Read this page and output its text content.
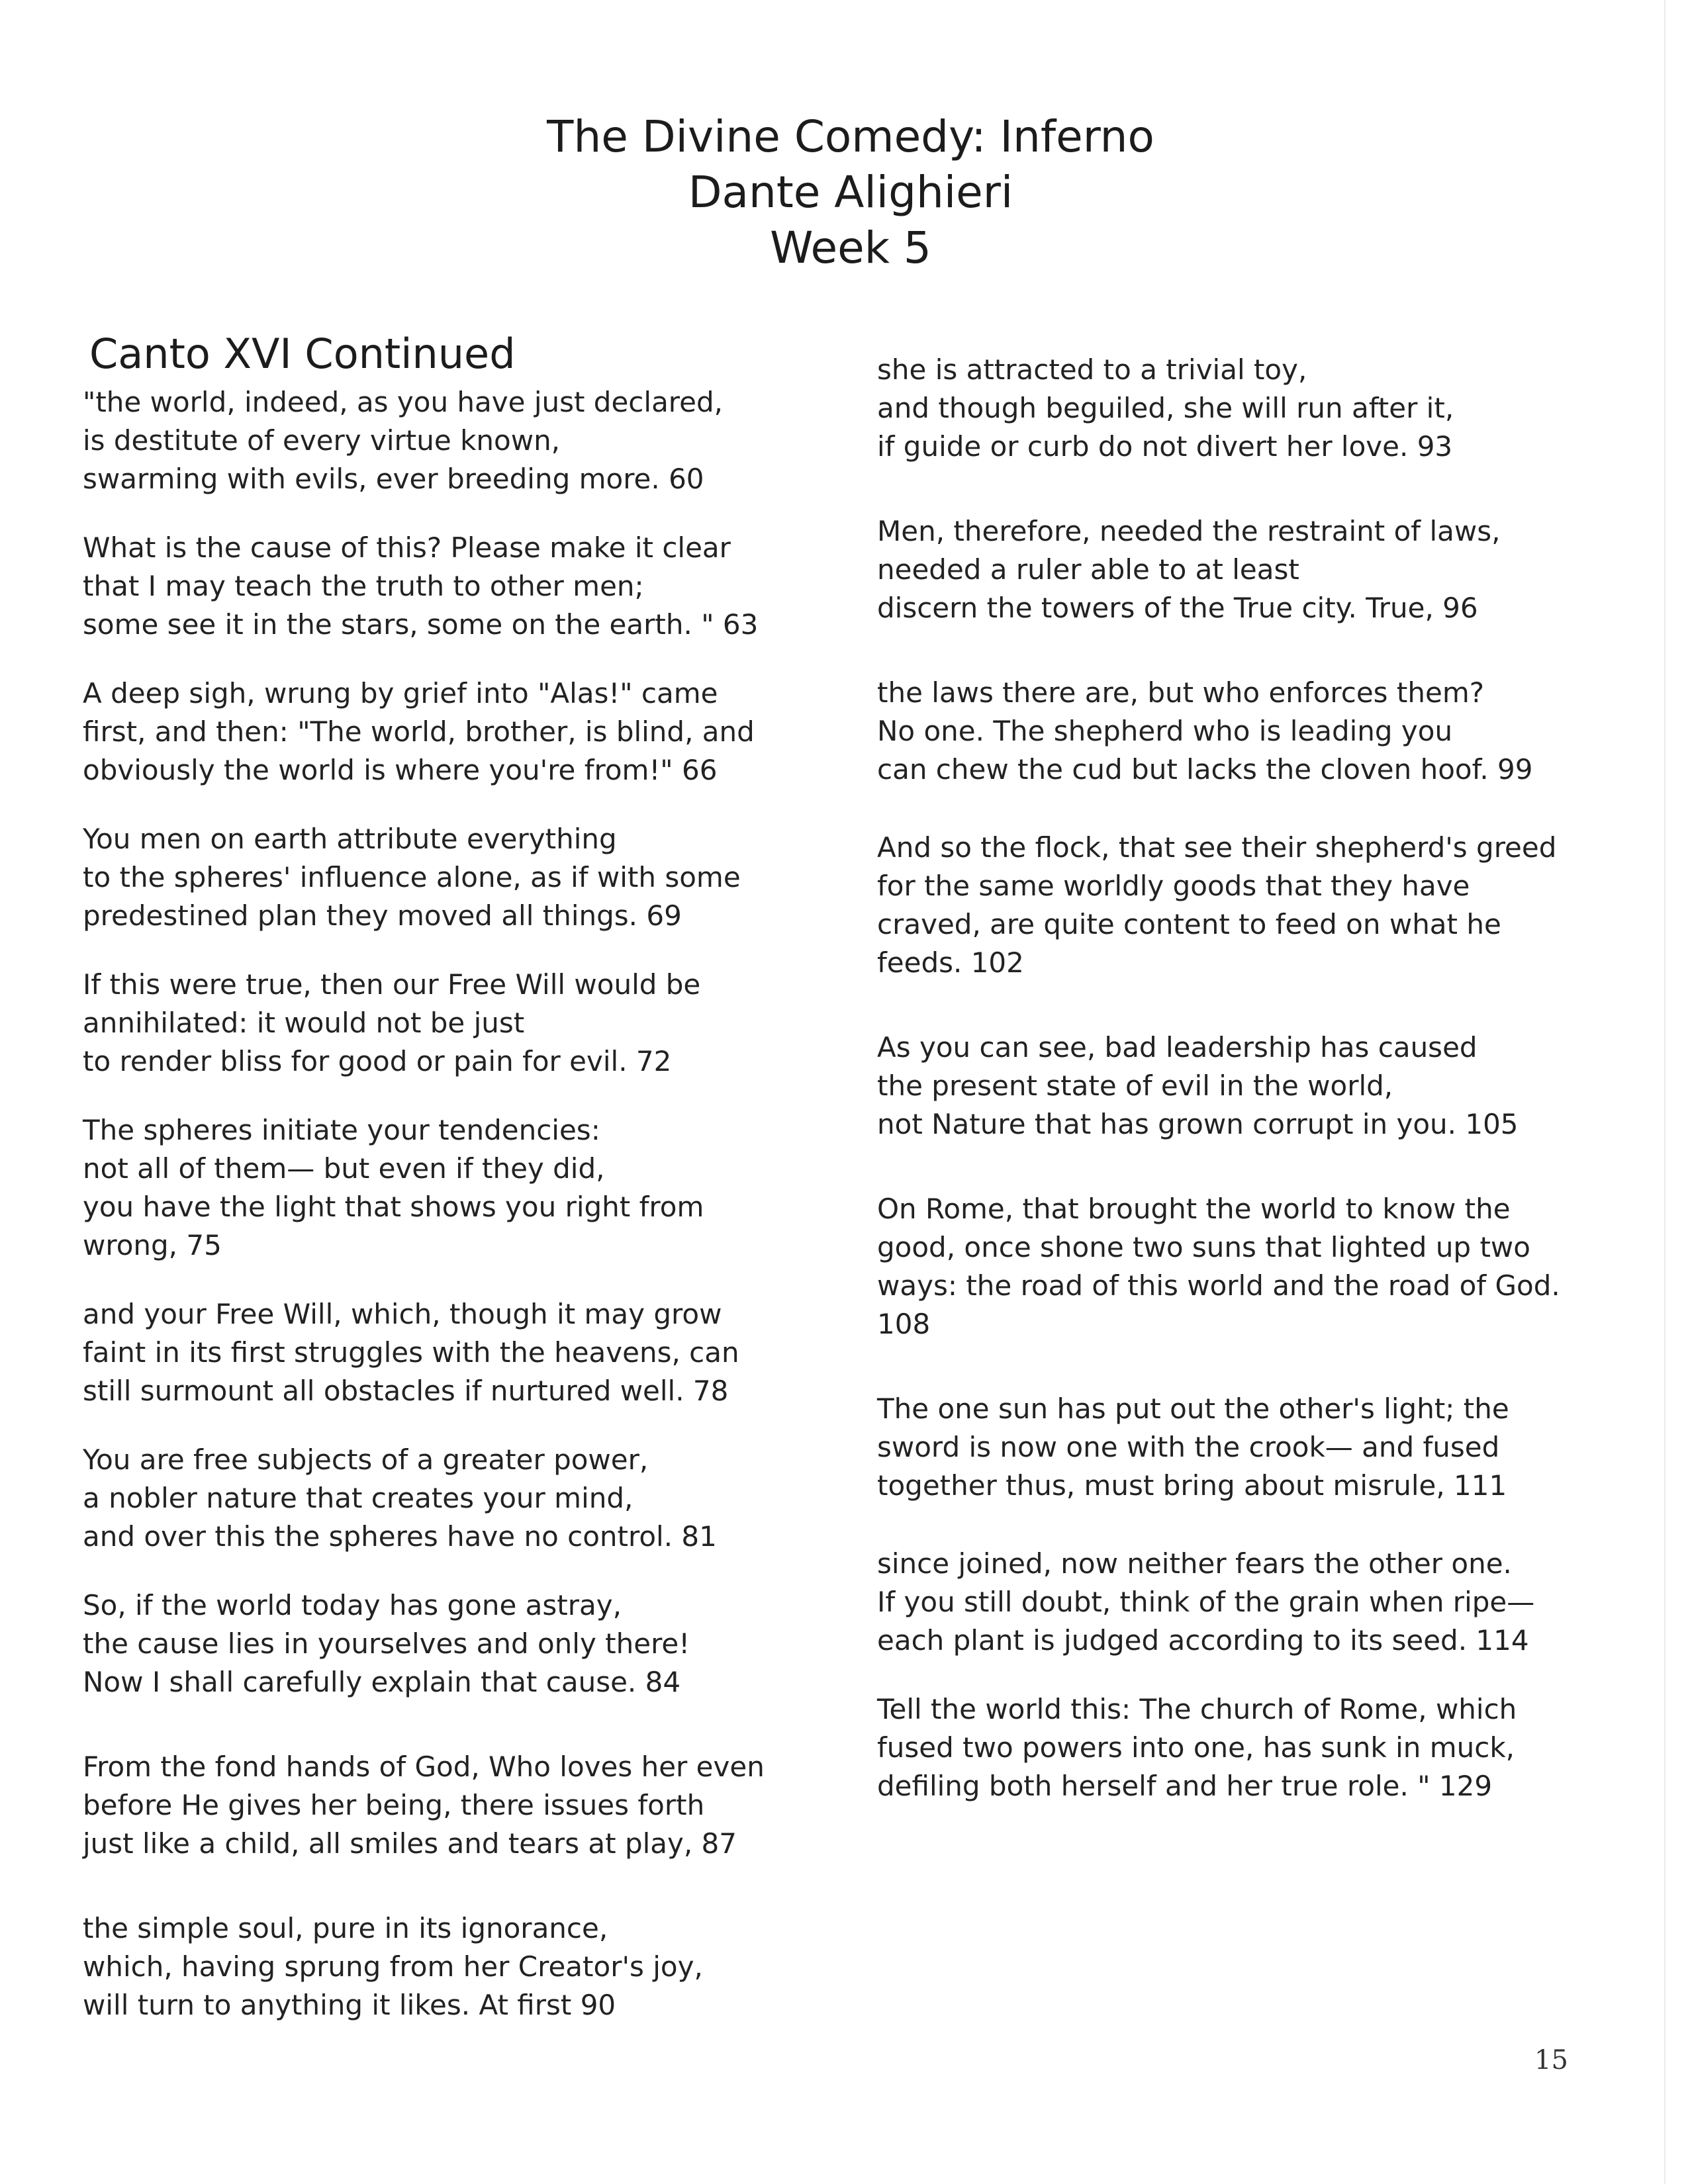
The Divine Comedy: Inferno
Dante Alighieri
Week 5
Canto XVI Continued
"the world, indeed, as you have just declared,
is destitute of every virtue known,
swarming with evils, ever breeding more. 60
What is the cause of this? Please make it clear
that I may teach the truth to other men;
some see it in the stars, some on the earth. " 63
A deep sigh, wrung by grief into "Alas!" came
first, and then: "The world, brother, is blind, and
obviously the world is where you're from!" 66
You men on earth attribute everything
to the spheres' influence alone, as if with some
predestined plan they moved all things. 69
If this were true, then our Free Will would be
annihilated: it would not be just
to render bliss for good or pain for evil. 72
The spheres initiate your tendencies:
not all of them— but even if they did,
you have the light that shows you right from
wrong, 75
and your Free Will, which, though it may grow
faint in its first struggles with the heavens, can
still surmount all obstacles if nurtured well. 78
You are free subjects of a greater power,
a nobler nature that creates your mind,
and over this the spheres have no control. 81
So, if the world today has gone astray,
the cause lies in yourselves and only there!
Now I shall carefully explain that cause. 84
From the fond hands of God, Who loves her even
before He gives her being, there issues forth
just like a child, all smiles and tears at play, 87
the simple soul, pure in its ignorance,
which, having sprung from her Creator's joy,
will turn to anything it likes. At first 90
she is attracted to a trivial toy,
and though beguiled, she will run after it,
if guide or curb do not divert her love. 93
Men, therefore, needed the restraint of laws,
needed a ruler able to at least
discern the towers of the True city. True, 96
the laws there are, but who enforces them?
No one. The shepherd who is leading you
can chew the cud but lacks the cloven hoof. 99
And so the flock, that see their shepherd's greed
for the same worldly goods that they have
craved, are quite content to feed on what he
feeds. 102
As you can see, bad leadership has caused
the present state of evil in the world,
not Nature that has grown corrupt in you. 105
On Rome, that brought the world to know the
good, once shone two suns that lighted up two
ways: the road of this world and the road of God.
108
The one sun has put out the other's light; the
sword is now one with the crook— and fused
together thus, must bring about misrule, 111
since joined, now neither fears the other one.
If you still doubt, think of the grain when ripe—
each plant is judged according to its seed. 114
Tell the world this: The church of Rome, which
fused two powers into one, has sunk in muck,
defiling both herself and her true role. " 129
15
